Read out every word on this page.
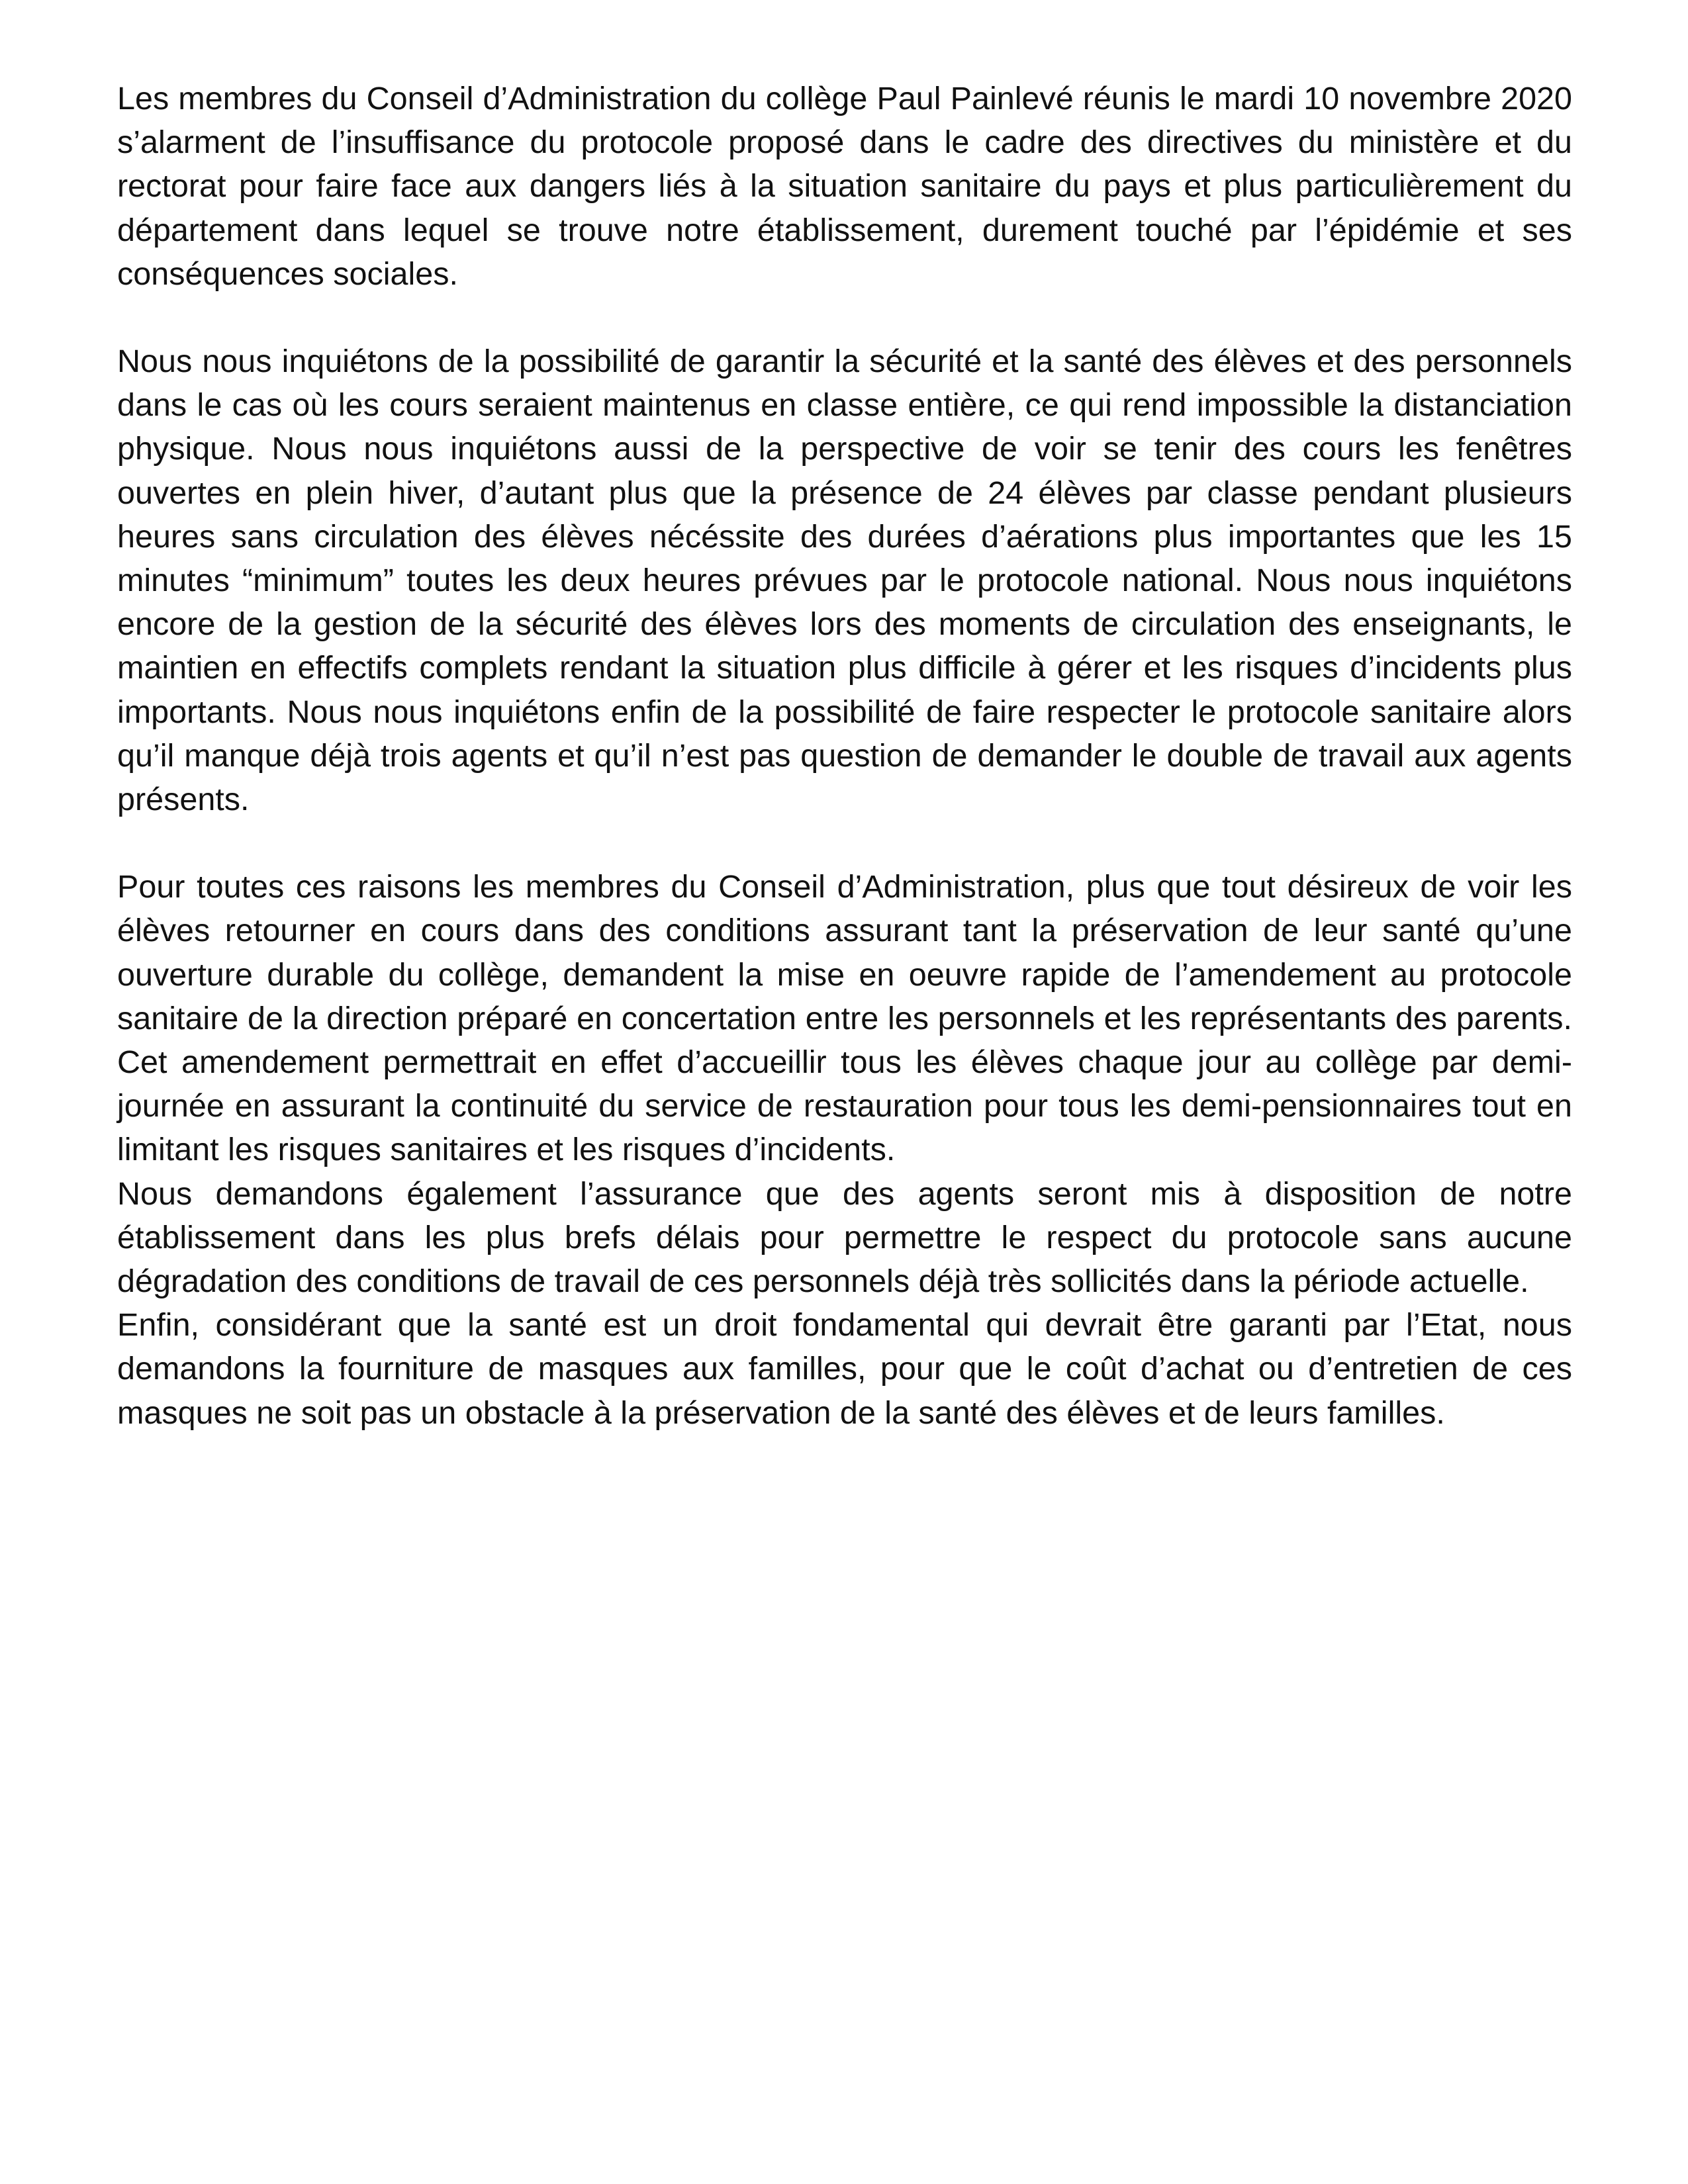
Les membres du Conseil d’Administration du collège Paul Painlevé réunis le mardi 10 novembre 2020 s’alarment de l’insuffisance du protocole proposé dans le cadre des directives du ministère et du rectorat pour faire face aux dangers liés à la situation sanitaire du pays et plus particulièrement du département dans lequel se trouve notre établissement, durement touché par l’épidémie et ses conséquences sociales.

Nous nous inquiétons de la possibilité de garantir la sécurité et la santé des élèves et des personnels dans le cas où les cours seraient maintenus en classe entière, ce qui rend impossible la distanciation physique. Nous nous inquiétons aussi de la perspective de voir se tenir des cours les fenêtres ouvertes en plein hiver, d’autant plus que la présence de 24 élèves par classe pendant plusieurs heures sans circulation des élèves nécéssite des durées d’aérations plus importantes que les 15 minutes “minimum” toutes les deux heures prévues par le protocole national. Nous nous inquiétons encore de la gestion de la sécurité des élèves lors des moments de circulation des enseignants, le maintien en effectifs complets rendant la situation plus difficile à gérer et les risques d’incidents plus importants. Nous nous inquiétons enfin de la possibilité de faire respecter le protocole sanitaire alors qu’il manque déjà trois agents et qu’il n’est pas question de demander le double de travail aux agents présents.

Pour toutes ces raisons les membres du Conseil d’Administration, plus que tout désireux de voir les élèves retourner en cours dans des conditions assurant tant la préservation de leur santé qu’une ouverture durable du collège, demandent la mise en oeuvre rapide de l’amendement au protocole sanitaire de la direction préparé en concertation entre les personnels et les représentants des parents. Cet amendement permettrait en effet d’accueillir tous les élèves chaque jour au collège par demi-journée en assurant la continuité du service de restauration pour tous les demi-pensionnaires tout en limitant les risques sanitaires et les risques d’incidents.

Nous demandons également l’assurance que des agents seront mis à disposition de notre établissement dans les plus brefs délais pour permettre le respect du protocole sans aucune dégradation des conditions de travail de ces personnels déjà très sollicités dans la période actuelle.

Enfin, considérant que la santé est un droit fondamental qui devrait être garanti par l’Etat, nous demandons la fourniture de masques aux familles, pour que le coût d’achat ou d’entretien de ces masques ne soit pas un obstacle à la préservation de la santé des élèves et de leurs familles.
